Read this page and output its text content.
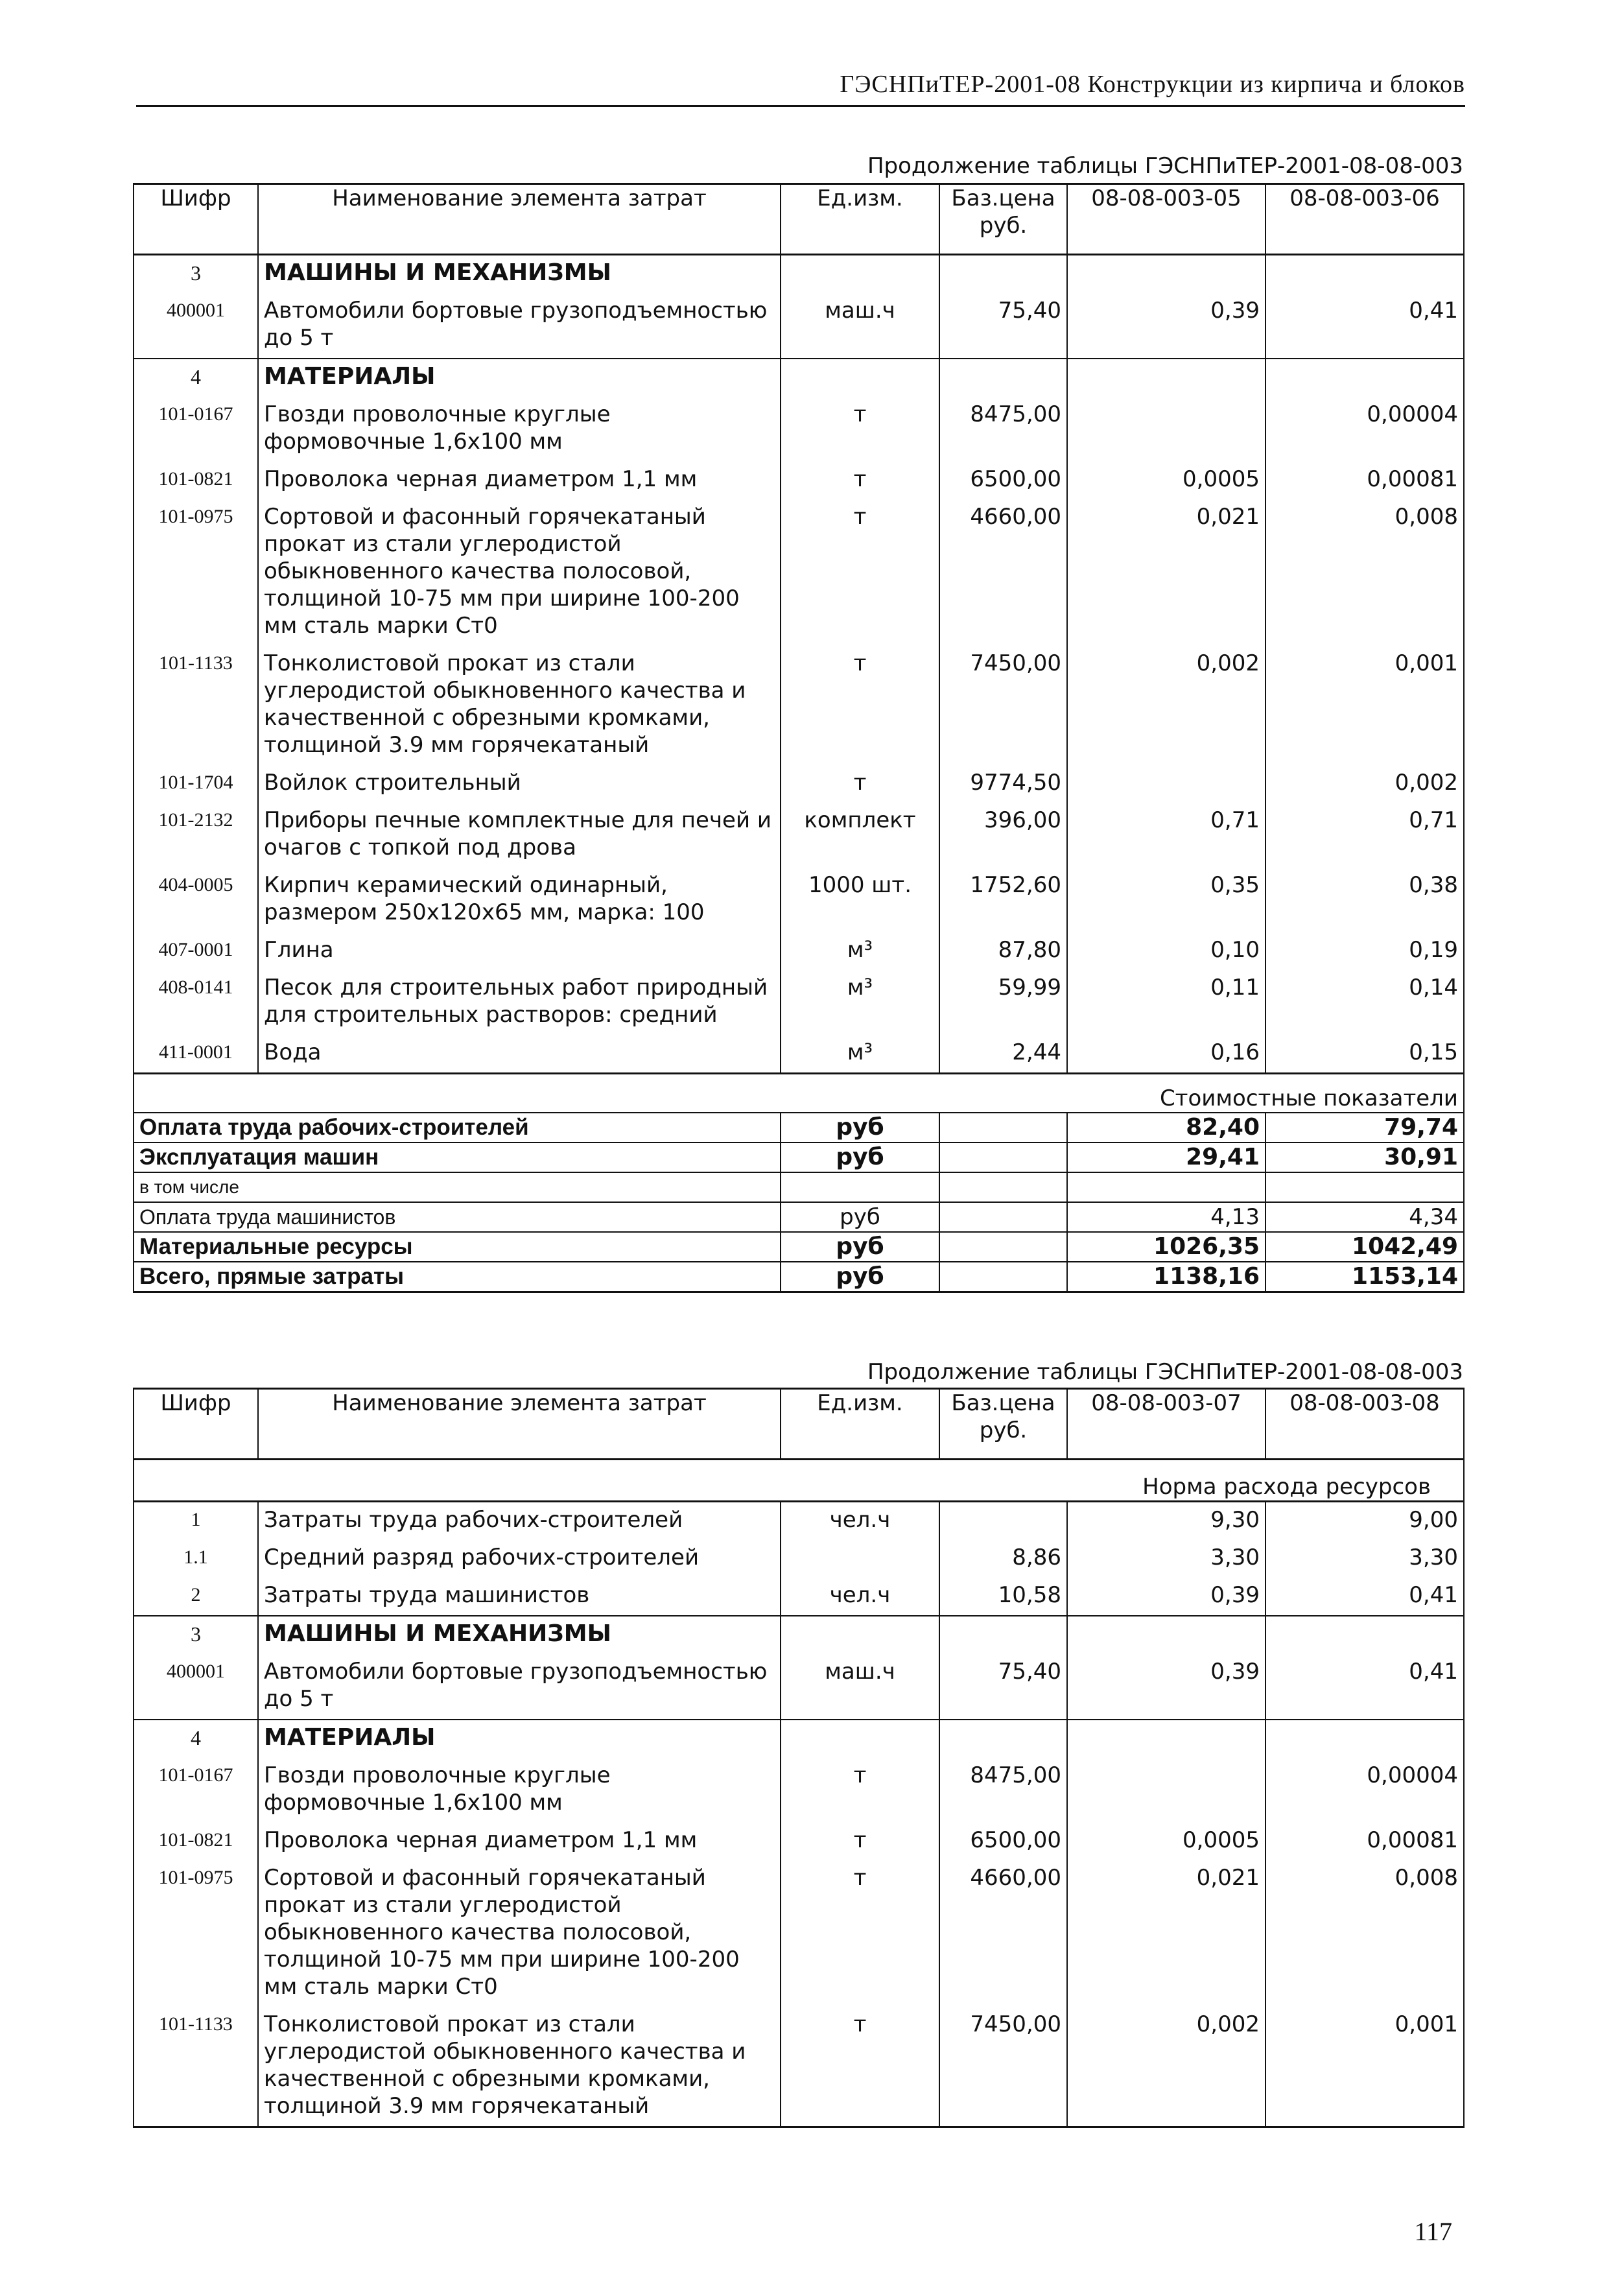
ГЭСНПиТЕР-2001-08 Конструкции из кирпича и блоков
Продолжение таблицы ГЭСНПиТЕР-2001-08-08-003
Шифр	Наименование элемента затрат	Ед.изм.	Баз.цена руб.	08-08-003-05	08-08-003-06
3	МАШИНЫ И МЕХАНИЗМЫ				
400001	Автомобили бортовые грузоподъемностью до 5 т	маш.ч	75,40	0,39	0,41
4	МАТЕРИАЛЫ				
101-0167	Гвозди проволочные круглые формовочные 1,6х100 мм	т	8475,00		0,00004
101-0821	Проволока черная диаметром 1,1 мм	т	6500,00	0,0005	0,00081
101-0975	Сортовой и фасонный горячекатаный прокат из стали углеродистой обыкновенного качества полосовой, толщиной 10-75 мм при ширине 100-200 мм сталь марки Ст0	т	4660,00	0,021	0,008
101-1133	Тонколистовой прокат из стали углеродистой обыкновенного качества и качественной с обрезными кромками, толщиной 3.9 мм горячекатаный	т	7450,00	0,002	0,001
101-1704	Войлок строительный	т	9774,50		0,002
101-2132	Приборы печные комплектные для печей и очагов с топкой под дрова	комплект	396,00	0,71	0,71
404-0005	Кирпич керамический одинарный, размером 250х120х65 мм, марка: 100	1000 шт.	1752,60	0,35	0,38
407-0001	Глина	м³	87,80	0,10	0,19
408-0141	Песок для строительных работ природный для строительных растворов: средний	м³	59,99	0,11	0,14
411-0001	Вода	м³	2,44	0,16	0,15

Стоимостные показатели					
Оплата труда рабочих-строителей		руб		82,40	79,74
Эксплуатация машин		руб		29,41	30,91
в том числе					
Оплата труда машинистов		руб		4,13	4,34
Материальные ресурсы		руб		1026,35	1042,49
Всего, прямые затраты		руб		1138,16	1153,14
Продолжение таблицы ГЭСНПиТЕР-2001-08-08-003
Шифр	Наименование элемента затрат	Ед.изм.	Баз.цена руб.	08-08-003-07	08-08-003-08

Норма расхода ресурсов					
1	Затраты труда рабочих-строителей	чел.ч		9,30	9,00
1.1	Средний разряд рабочих-строителей		8,86	3,30	3,30
2	Затраты труда машинистов	чел.ч	10,58	0,39	0,41
3	МАШИНЫ И МЕХАНИЗМЫ				
400001	Автомобили бортовые грузоподъемностью до 5 т	маш.ч	75,40	0,39	0,41
4	МАТЕРИАЛЫ				
101-0167	Гвозди проволочные круглые формовочные 1,6х100 мм	т	8475,00		0,00004
101-0821	Проволока черная диаметром 1,1 мм	т	6500,00	0,0005	0,00081
101-0975	Сортовой и фасонный горячекатаный прокат из стали углеродистой обыкновенного качества полосовой, толщиной 10-75 мм при ширине 100-200 мм сталь марки Ст0	т	4660,00	0,021	0,008
101-1133	Тонколистовой прокат из стали углеродистой обыкновенного качества и качественной с обрезными кромками, толщиной 3.9 мм горячекатаный	т	7450,00	0,002	0,001
117
